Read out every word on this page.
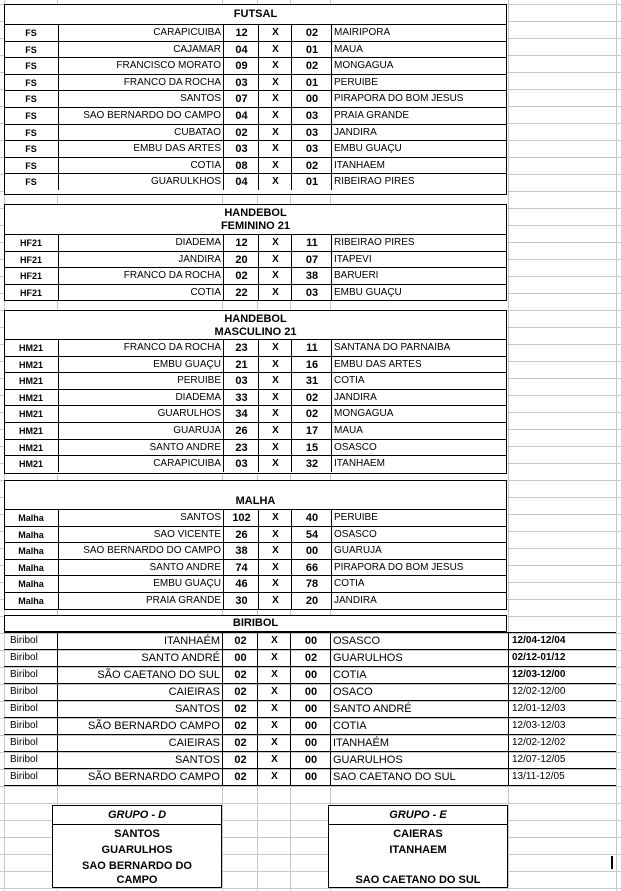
FUTSAL
FS	CARAPICUIBA	12	X	02	MAIRIPORA
FS	CAJAMAR	04	X	01	MAUA
FS	FRANCISCO MORATO	09	X	02	MONGAGUA
FS	FRANCO DA ROCHA	03	X	01	PERUIBE
FS	SANTOS	07	X	00	PIRAPORA DO BOM JESUS
FS	SAO BERNARDO DO CAMPO	04	X	03	PRAIA GRANDE
FS	CUBATAO	02	X	03	JANDIRA
FS	EMBU DAS ARTES	03	X	03	EMBU GUAÇU
FS	COTIA	08	X	02	ITANHAEM
FS	GUARULKHOS	04	X	01	RIBEIRAO PIRES
HANDEBOL
FEMININO 21
HF21	DIADEMA	12	X	11	RIBEIRAO PIRES
HF21	JANDIRA	20	X	07	ITAPEVI
HF21	FRANCO DA ROCHA	02	X	38	BARUERI
HF21	COTIA	22	X	03	EMBU GUAÇU
HANDEBOL
MASCULINO 21
HM21	FRANCO DA ROCHA	23	X	11	SANTANA DO PARNAIBA
HM21	EMBU GUAÇU	21	X	16	EMBU DAS ARTES
HM21	PERUIBE	03	X	31	COTIA
HM21	DIADEMA	33	X	02	JANDIRA
HM21	GUARULHOS	34	X	02	MONGAGUA
HM21	GUARUJA	26	X	17	MAUA
HM21	SANTO ANDRE	23	X	15	OSASCO
HM21	CARAPICUIBA	03	X	32	ITANHAEM
MALHA
Malha	SANTOS	102	X	40	PERUIBE
Malha	SAO VICENTE	26	X	54	OSASCO
Malha	SAO BERNARDO DO CAMPO	38	X	00	GUARUJA
Malha	SANTO ANDRE	74	X	66	PIRAPORA DO BOM JESUS
Malha	EMBU GUAÇU	46	X	78	COTIA
Malha	PRAIA GRANDE	30	X	20	JANDIRA
BIRIBOL
Biribol	ITANHAÉM	02	X	00	OSASCO	12/04-12/04
Biribol	SANTO ANDRÉ	00	X	02	GUARULHOS	02/12-01/12
Biribol	SÃO CAETANO DO SUL	02	X	00	COTIA	12/03-12/00
Biribol	CAIEIRAS	02	X	00	OSACO	12/02-12/00
Biribol	SANTOS	02	X	00	SANTO ANDRÉ	12/01-12/03
Biribol	SÃO BERNARDO CAMPO	02	X	00	COTIA	12/03-12/03
Biribol	CAIEIRAS	02	X	00	ITANHAÉM	12/02-12/02
Biribol	SANTOS	02	X	00	GUARULHOS	12/07-12/05
Biribol	SÃO BERNARDO CAMPO	02	X	00	SAO CAETANO DO SUL	13/11-12/05
GRUPO - D
SANTOS
GUARULHOS
SAO BERNARDO DO
CAMPO
GRUPO - E
CAIERAS
ITANHAEM
SAO CAETANO DO SUL
